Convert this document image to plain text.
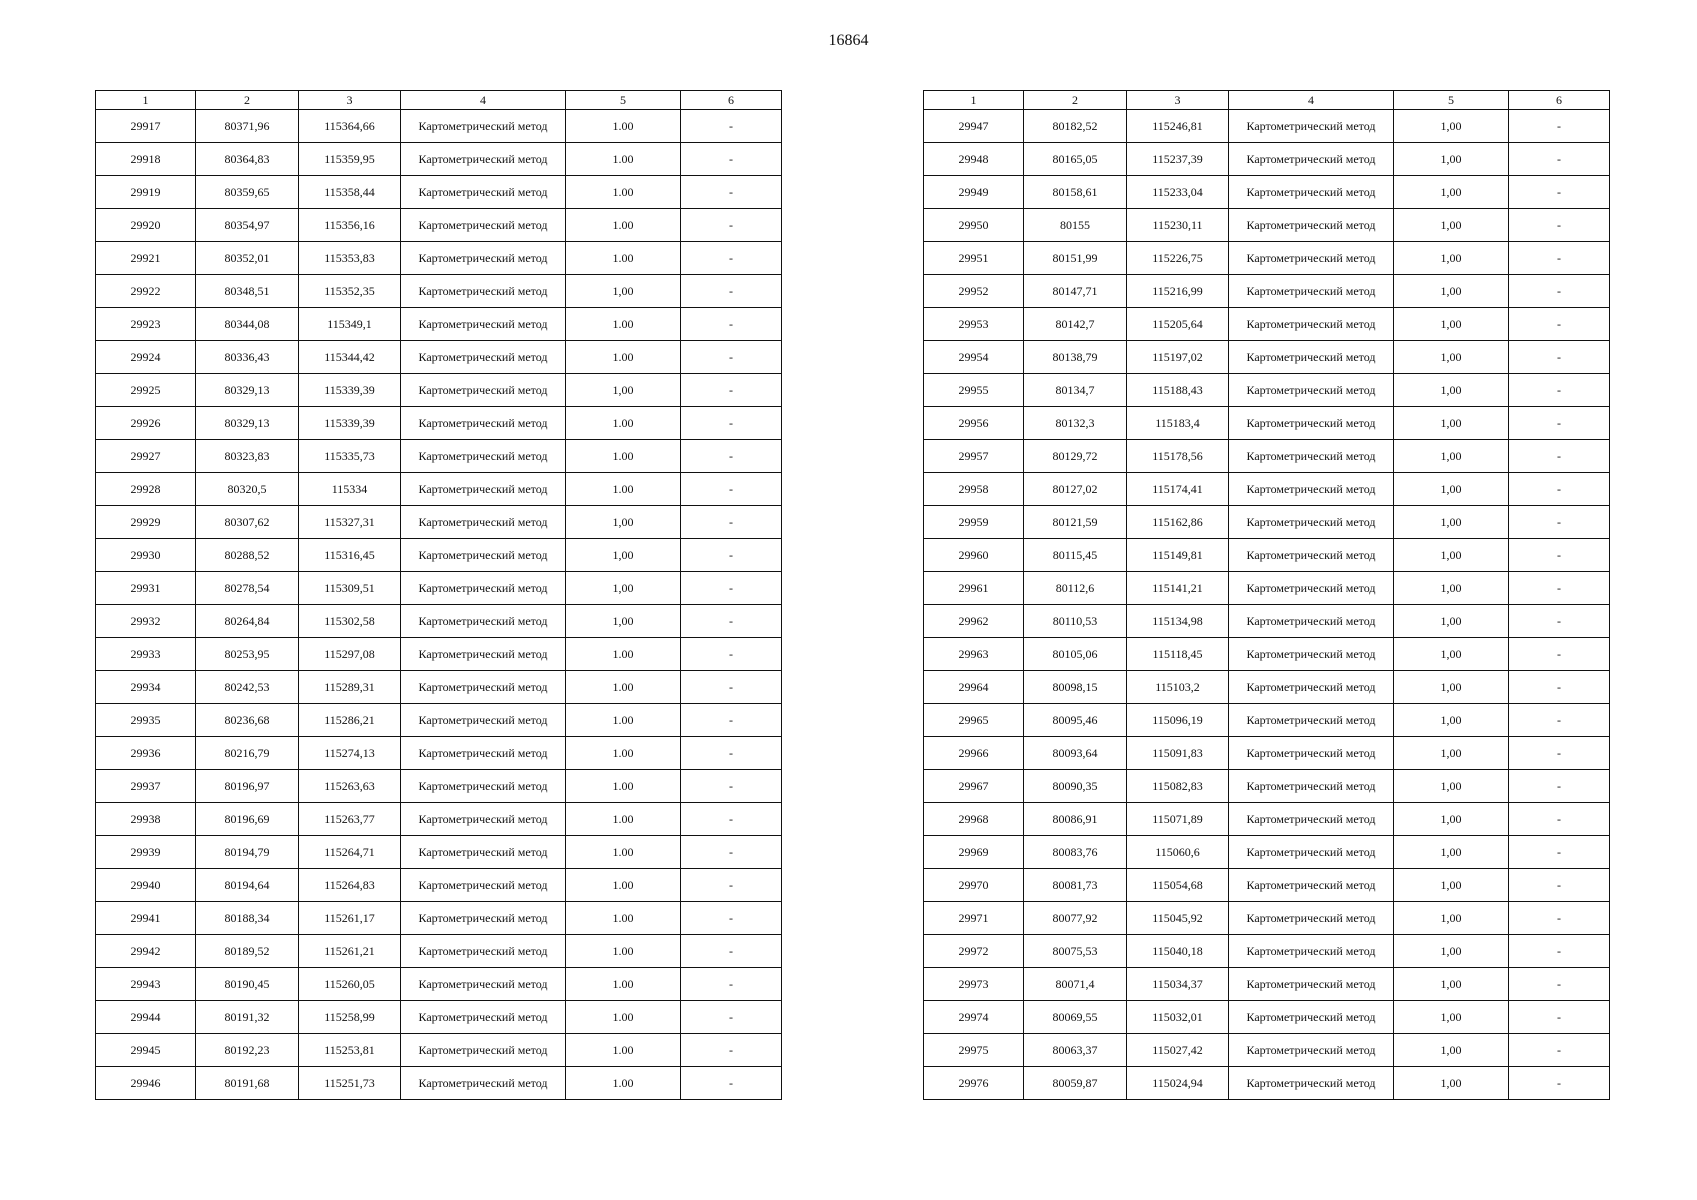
16864
1	2	3	4	5	6
29917	80371,96	115364,66	Картометрический метод	1.00	-
29918	80364,83	115359,95	Картометрический метод	1.00	-
29919	80359,65	115358,44	Картометрический метод	1.00	-
29920	80354,97	115356,16	Картометрический метод	1.00	-
29921	80352,01	115353,83	Картометрический метод	1.00	-
29922	80348,51	115352,35	Картометрический метод	1,00	-
29923	80344,08	115349,1	Картометрический метод	1.00	-
29924	80336,43	115344,42	Картометрический метод	1.00	-
29925	80329,13	115339,39	Картометрический метод	1,00	-
29926	80329,13	115339,39	Картометрический метод	1.00	-
29927	80323,83	115335,73	Картометрический метод	1.00	-
29928	80320,5	115334	Картометрический метод	1.00	-
29929	80307,62	115327,31	Картометрический метод	1,00	-
29930	80288,52	115316,45	Картометрический метод	1,00	-
29931	80278,54	115309,51	Картометрический метод	1,00	-
29932	80264,84	115302,58	Картометрический метод	1,00	-
29933	80253,95	115297,08	Картометрический метод	1.00	-
29934	80242,53	115289,31	Картометрический метод	1.00	-
29935	80236,68	115286,21	Картометрический метод	1.00	-
29936	80216,79	115274,13	Картометрический метод	1.00	-
29937	80196,97	115263,63	Картометрический метод	1.00	-
29938	80196,69	115263,77	Картометрический метод	1.00	-
29939	80194,79	115264,71	Картометрический метод	1.00	-
29940	80194,64	115264,83	Картометрический метод	1.00	-
29941	80188,34	115261,17	Картометрический метод	1.00	-
29942	80189,52	115261,21	Картометрический метод	1.00	-
29943	80190,45	115260,05	Картометрический метод	1.00	-
29944	80191,32	115258,99	Картометрический метод	1.00	-
29945	80192,23	115253,81	Картометрический метод	1.00	-
29946	80191,68	115251,73	Картометрический метод	1.00	-
1	2	3	4	5	6
29947	80182,52	115246,81	Картометрический метод	1,00	-
29948	80165,05	115237,39	Картометрический метод	1,00	-
29949	80158,61	115233,04	Картометрический метод	1,00	-
29950	80155	115230,11	Картометрический метод	1,00	-
29951	80151,99	115226,75	Картометрический метод	1,00	-
29952	80147,71	115216,99	Картометрический метод	1,00	-
29953	80142,7	115205,64	Картометрический метод	1,00	-
29954	80138,79	115197,02	Картометрический метод	1,00	-
29955	80134,7	115188,43	Картометрический метод	1,00	-
29956	80132,3	115183,4	Картометрический метод	1,00	-
29957	80129,72	115178,56	Картометрический метод	1,00	-
29958	80127,02	115174,41	Картометрический метод	1,00	-
29959	80121,59	115162,86	Картометрический метод	1,00	-
29960	80115,45	115149,81	Картометрический метод	1,00	-
29961	80112,6	115141,21	Картометрический метод	1,00	-
29962	80110,53	115134,98	Картометрический метод	1,00	-
29963	80105,06	115118,45	Картометрический метод	1,00	-
29964	80098,15	115103,2	Картометрический метод	1,00	-
29965	80095,46	115096,19	Картометрический метод	1,00	-
29966	80093,64	115091,83	Картометрический метод	1,00	-
29967	80090,35	115082,83	Картометрический метод	1,00	-
29968	80086,91	115071,89	Картометрический метод	1,00	-
29969	80083,76	115060,6	Картометрический метод	1,00	-
29970	80081,73	115054,68	Картометрический метод	1,00	-
29971	80077,92	115045,92	Картометрический метод	1,00	-
29972	80075,53	115040,18	Картометрический метод	1,00	-
29973	80071,4	115034,37	Картометрический метод	1,00	-
29974	80069,55	115032,01	Картометрический метод	1,00	-
29975	80063,37	115027,42	Картометрический метод	1,00	-
29976	80059,87	115024,94	Картометрический метод	1,00	-
